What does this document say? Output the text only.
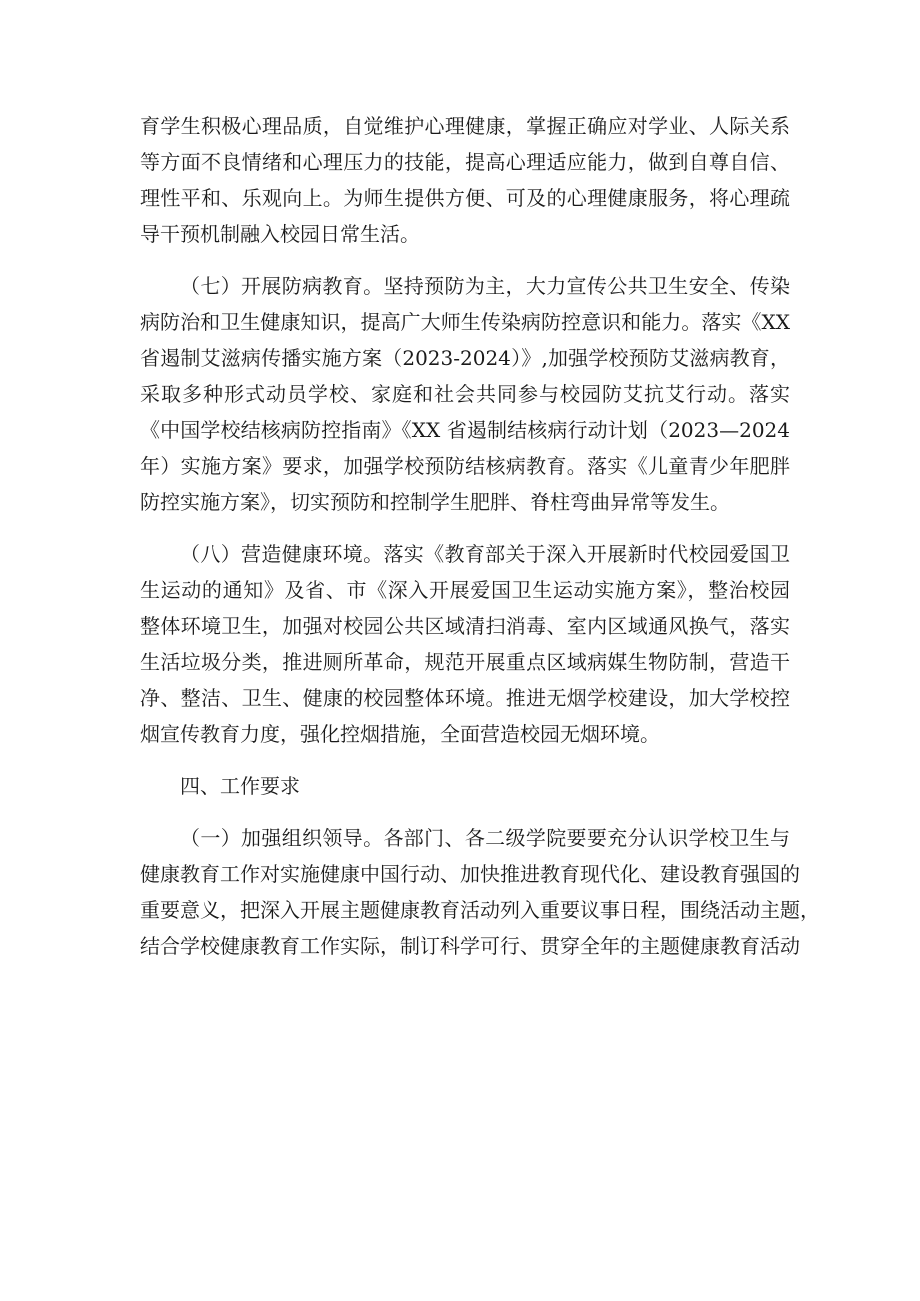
育学生积极心理品质，自觉维护心理健康，掌握正确应对学业、人际关系
等方面不良情绪和心理压力的技能，提高心理适应能力，做到自尊自信、
理性平和、乐观向上。为师生提供方便、可及的心理健康服务，将心理疏
导干预机制融入校园日常生活。
（七）开展防病教育。坚持预防为主，大力宣传公共卫生安全、传染
病防治和卫生健康知识，提高广大师生传染病防控意识和能力。落实《XX
省遏制艾滋病传播实施方案（2023-2024）》,加强学校预防艾滋病教育，
采取多种形式动员学校、家庭和社会共同参与校园防艾抗艾行动。落实
《中国学校结核病防控指南》《XX 省遏制结核病行动计划（2023—2024
年）实施方案》要求，加强学校预防结核病教育。落实《儿童青少年肥胖
防控实施方案》，切实预防和控制学生肥胖、脊柱弯曲异常等发生。
（八）营造健康环境。落实《教育部关于深入开展新时代校园爱国卫
生运动的通知》及省、市《深入开展爱国卫生运动实施方案》，整治校园
整体环境卫生，加强对校园公共区域清扫消毒、室内区域通风换气，落实
生活垃圾分类，推进厕所革命，规范开展重点区域病媒生物防制，营造干
净、整洁、卫生、健康的校园整体环境。推进无烟学校建设，加大学校控
烟宣传教育力度，强化控烟措施，全面营造校园无烟环境。
四、工作要求
（一）加强组织领导。各部门、各二级学院要要充分认识学校卫生与
健康教育工作对实施健康中国行动、加快推进教育现代化、建设教育强国的
重要意义，把深入开展主题健康教育活动列入重要议事日程，围绕活动主题，
结合学校健康教育工作实际，制订科学可行、贯穿全年的主题健康教育活动
